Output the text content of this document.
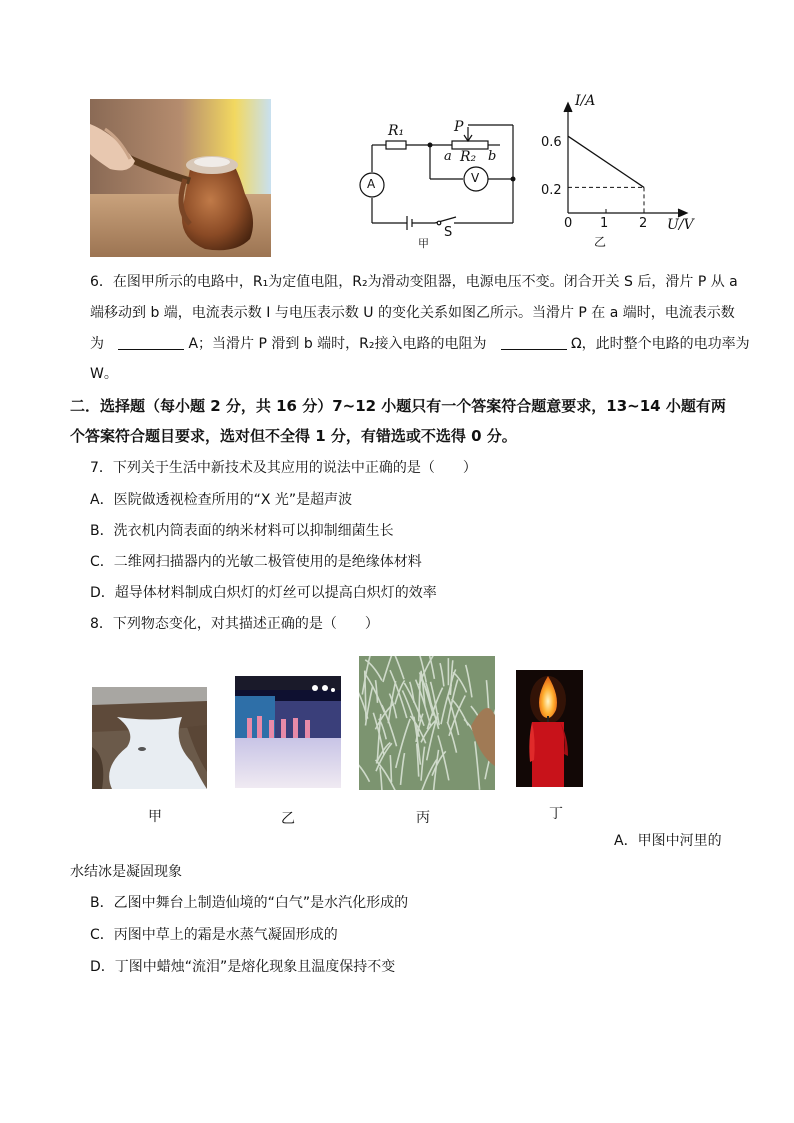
R₁	P
a R₂ b
A	V
S
甲
I/A
U/V
0.6
0.2
0 1 2
乙
6．在图甲所示的电路中，R₁为定值电阻，R₂为滑动变阻器，电源电压不变。闭合开关 S 后，滑片 P 从 a
端移动到 b 端，电流表示数 I 与电压表示数 U 的变化关系如图乙所示。当滑片 P 在 a 端时，电流表示数
为	A；当滑片 P 滑到 b 端时，R₂接入电路的电阻为	Ω，此时整个电路的电功率为
W。
二．选择题（每小题 2 分，共 16 分）7~12 小题只有一个答案符合题意要求，13~14 小题有两
个答案符合题目要求，选对但不全得 1 分，有错选或不选得 0 分。
7．下列关于生活中新技术及其应用的说法中正确的是（　　）
A．医院做透视检查所用的“X 光”是超声波
B．洗衣机内筒表面的纳米材料可以抑制细菌生长
C．二维网扫描器内的光敏二极管使用的是绝缘体材料
D．超导体材料制成白炽灯的灯丝可以提高白炽灯的效率
8．下列物态变化，对其描述正确的是（　　）
甲	乙	丙	丁
A．甲图中河里的
水结冰是凝固现象
B．乙图中舞台上制造仙境的“白气”是水汽化形成的
C．丙图中草上的霜是水蒸气凝固形成的
D．丁图中蜡烛“流泪”是熔化现象且温度保持不变
